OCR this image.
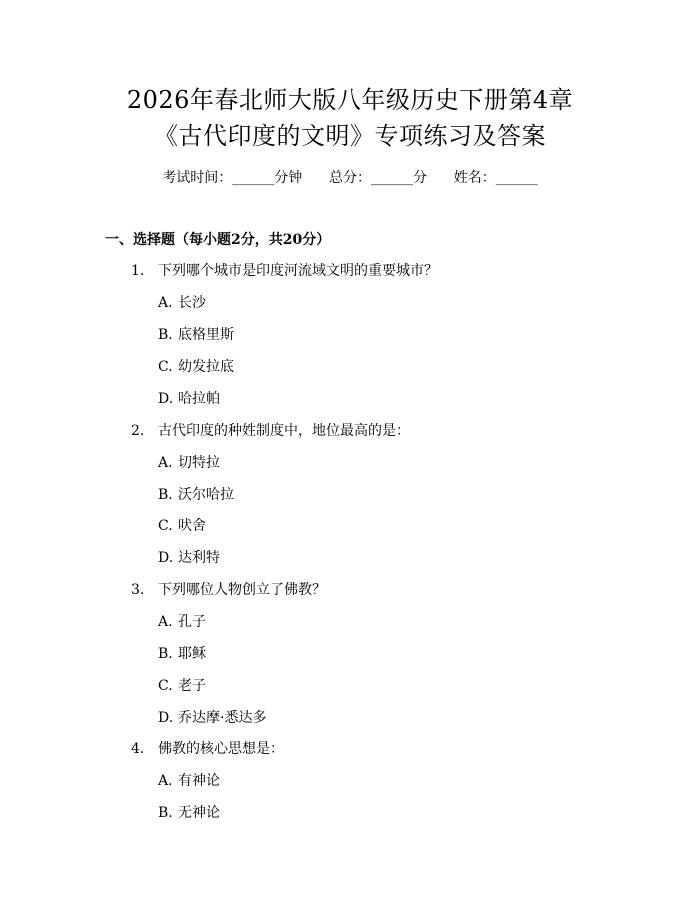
2026年春北师大版八年级历史下册第4章
《古代印度的文明》专项练习及答案
考试时间：______分钟      总分：______分      姓名：______
一、选择题（每小题2分，共20分）
1. 下列哪个城市是印度河流域文明的重要城市？
A. 长沙
B. 底格里斯
C. 幼发拉底
D. 哈拉帕
2. 古代印度的种姓制度中，地位最高的是：
A. 切特拉
B. 沃尔哈拉
C. 吠舍
D. 达利特
3. 下列哪位人物创立了佛教？
A. 孔子
B. 耶稣
C. 老子
D. 乔达摩·悉达多
4. 佛教的核心思想是：
A. 有神论
B. 无神论
